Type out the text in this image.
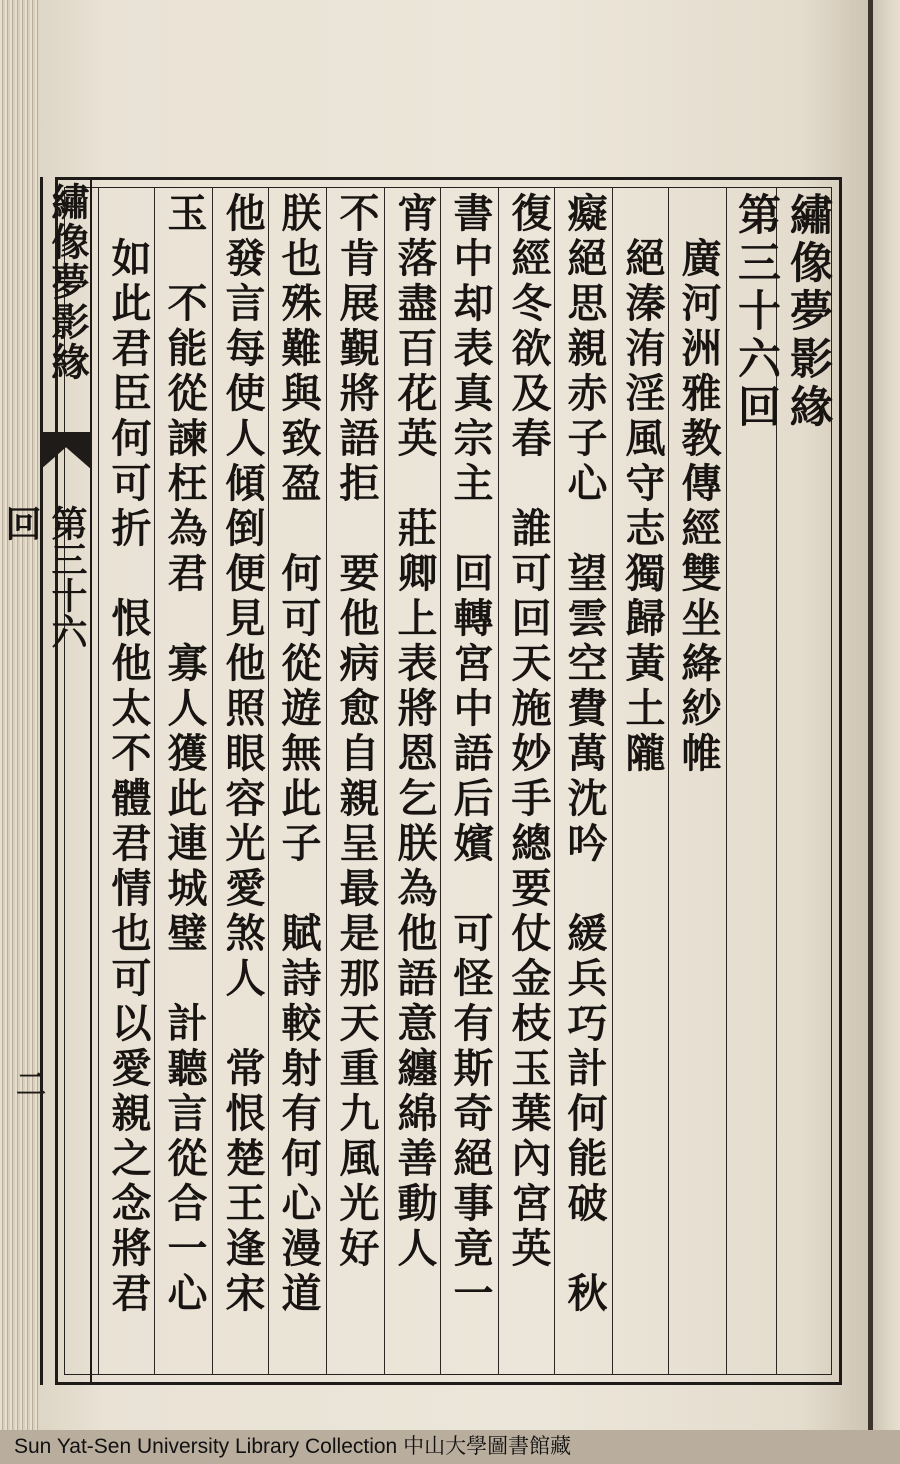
繡像夢影緣
第三十六回
　廣河洲雅教傳經雙坐絳紗帷
　絕溱洧淫風守志獨歸黃土隴
癡絕思親赤子心　望雲空費萬沈吟　緩兵巧計何能破　秋
復經冬欲及春　誰可回天施妙手總要仗金枝玉葉內宮英
書中却表真宗主　回轉宮中語后嬪　可怪有斯奇絕事竟一
宵落盡百花英　莊卿上表將恩乞朕為他語意纏綿善動人
不肯展覲將語拒　要他病愈自親呈最是那天重九風光好
朕也殊難與致盈　何可從遊無此子　賦詩較射有何心漫道
他發言每使人傾倒便見他照眼容光愛煞人　常恨楚王逢宋
玉　不能從諫枉為君　寡人獲此連城璧　計聽言從合一心
　如此君臣何可折　恨他太不體君情也可以愛親之念將君
繡像夢影緣
第三十六回
二
Sun Yat-Sen University Library Collection 中山大學圖書館藏
